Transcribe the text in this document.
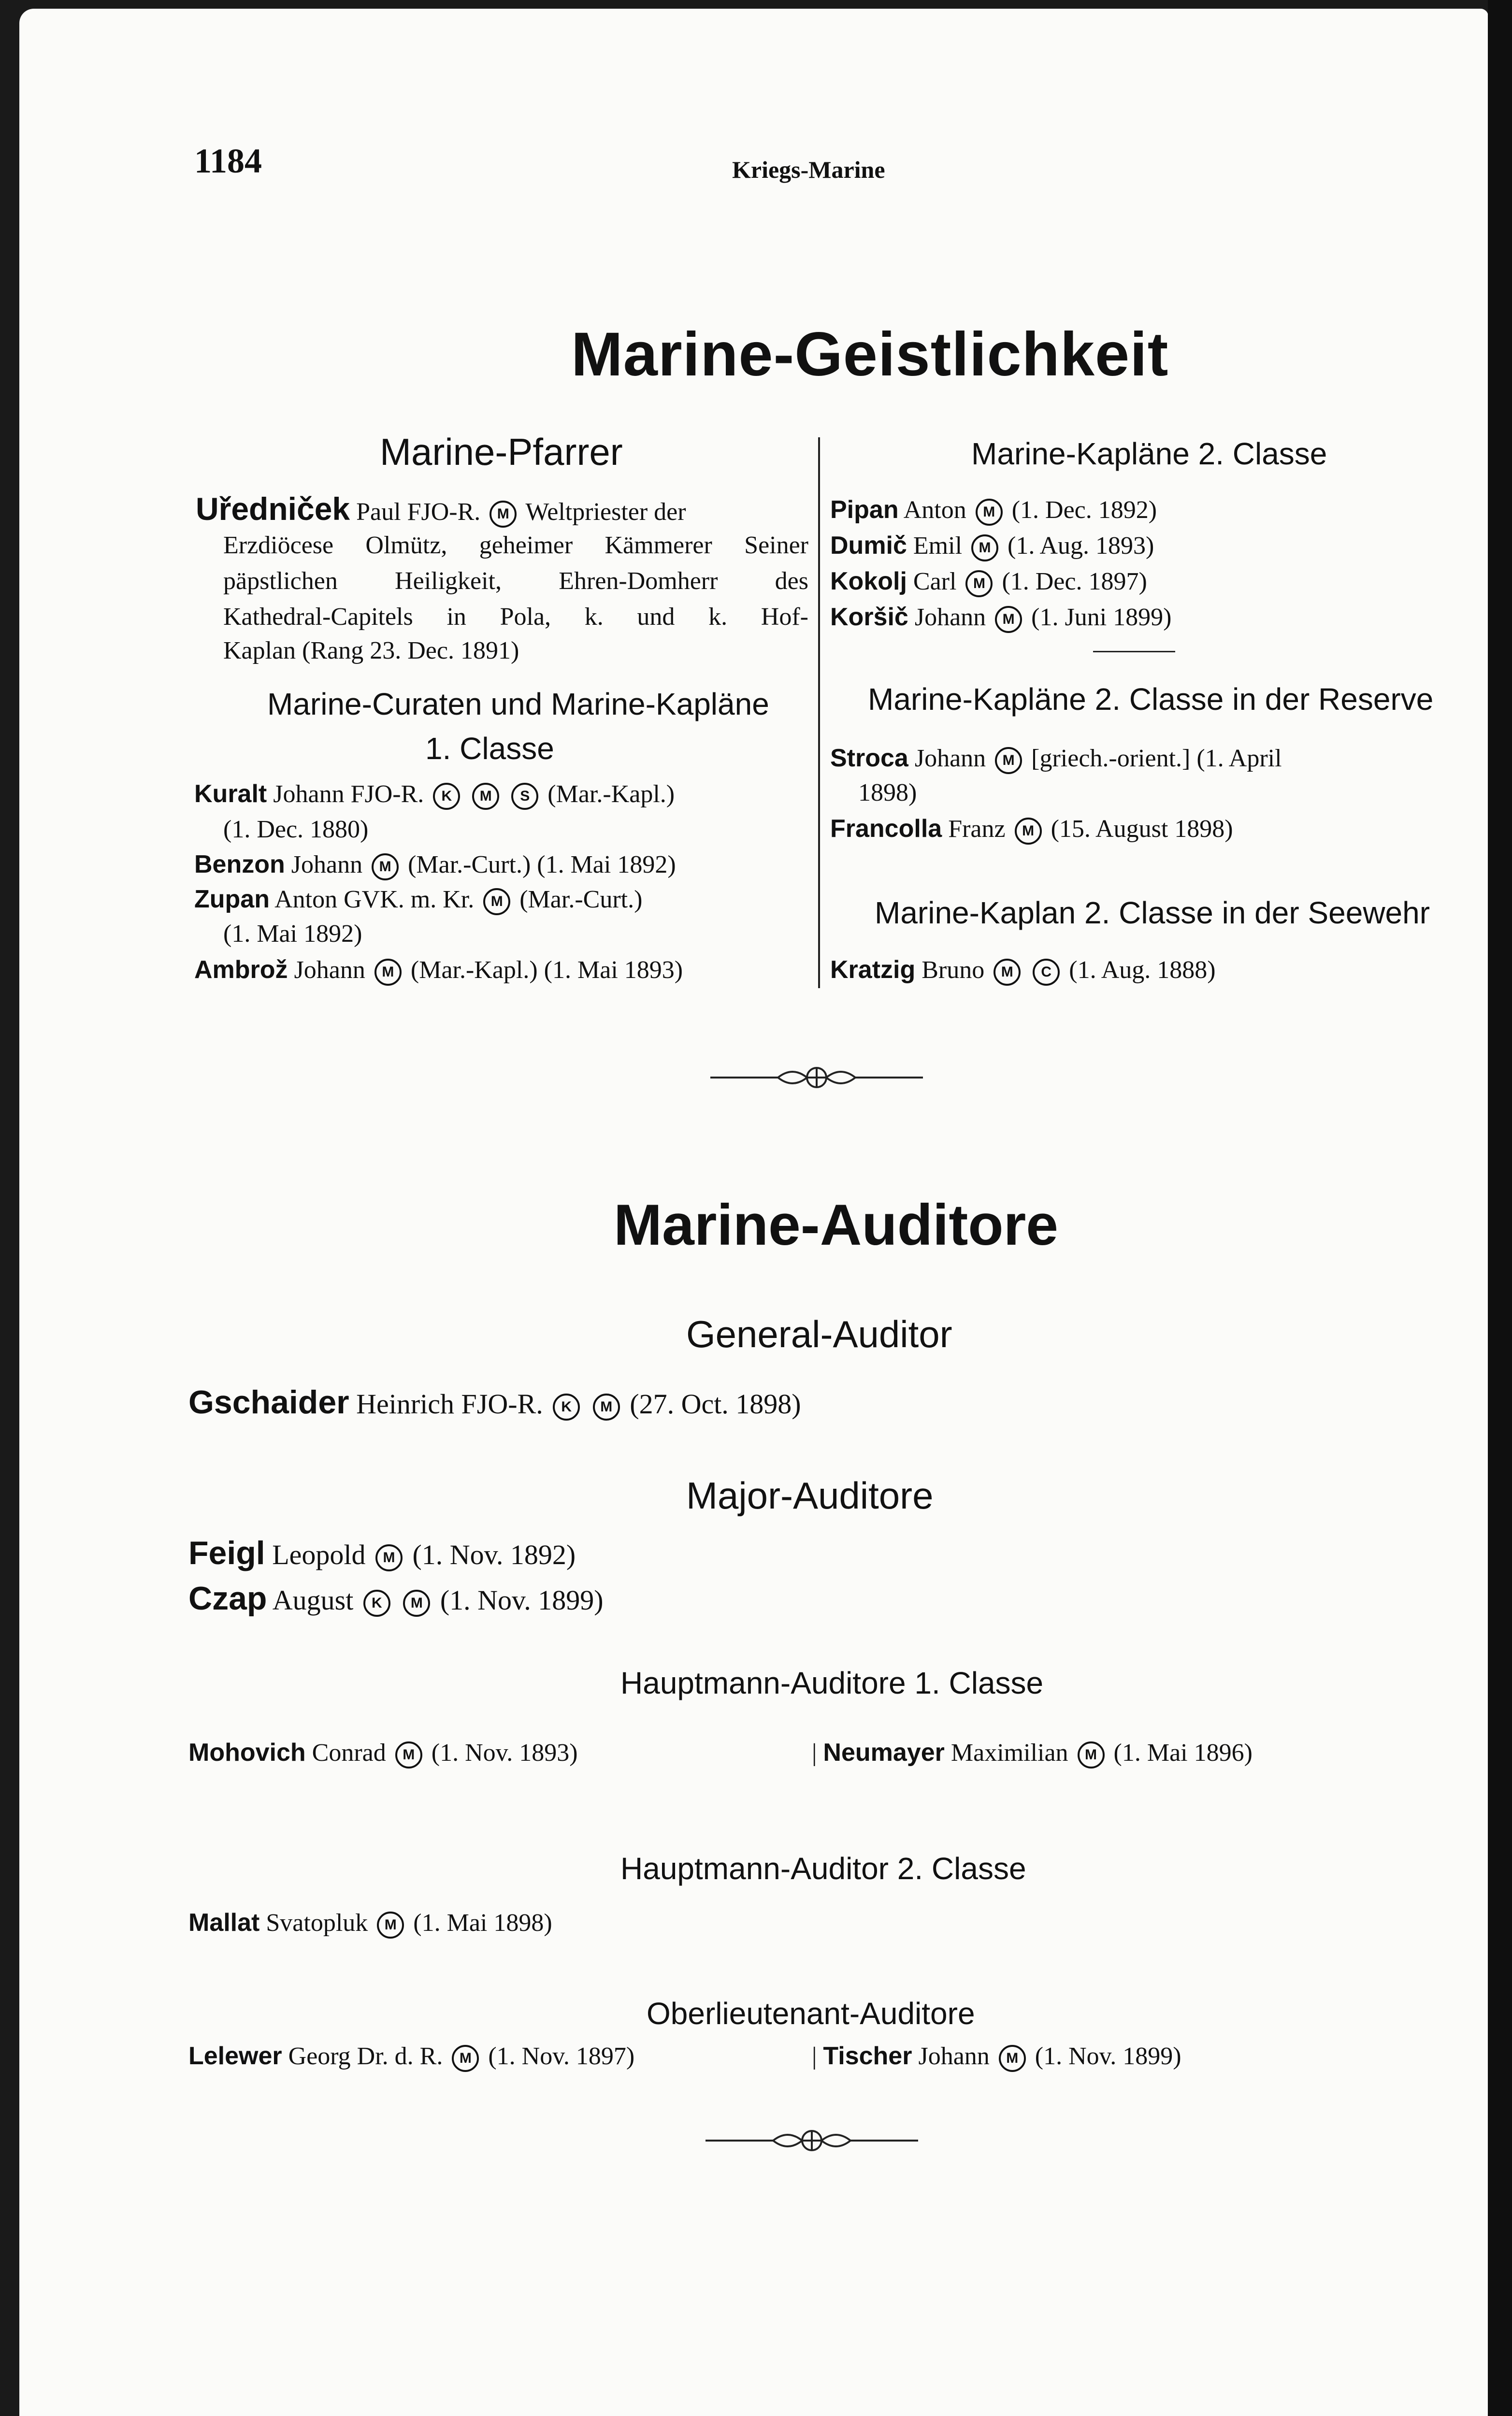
1184	Kriegs-Marine
Marine-Geistlichkeit
Marine-Pfarrer
Uředniček Paul FJO-R. M Weltpriester der
Erzdiöcese Olmütz, geheimer Kämmerer Seiner
päpstlichen Heiligkeit, Ehren-Domherr des
Kathedral-Capitels in Pola, k. und k. Hof-
Kaplan (Rang 23. Dec. 1891)
Marine-Curaten und Marine-Kapläne
1. Classe
Kuralt Johann FJO-R. K M S (Mar.-Kapl.)
(1. Dec. 1880)
Benzon Johann M (Mar.-Curt.) (1. Mai 1892)
Zupan Anton GVK. m. Kr. M (Mar.-Curt.)
(1. Mai 1892)
Ambrož Johann M (Mar.-Kapl.) (1. Mai 1893)
Marine-Kapläne 2. Classe
Pipan Anton M (1. Dec. 1892)
Dumič Emil M (1. Aug. 1893)
Kokolj Carl M (1. Dec. 1897)
Koršič Johann M (1. Juni 1899)
Marine-Kapläne 2. Classe in der Reserve
Stroca Johann M [griech.-orient.] (1. April
1898)
Francolla Franz M (15. August 1898)
Marine-Kaplan 2. Classe in der Seewehr
Kratzig Bruno M C (1. Aug. 1888)
Marine-Auditore
General-Auditor
Gschaider Heinrich FJO-R. K M (27. Oct. 1898)
Major-Auditore
Feigl Leopold M (1. Nov. 1892)
Czap August K M (1. Nov. 1899)
Hauptmann-Auditore 1. Classe
Mohovich Conrad M (1. Nov. 1893)	| Neumayer Maximilian M (1. Mai 1896)
Hauptmann-Auditor 2. Classe
Mallat Svatopluk M (1. Mai 1898)
Oberlieutenant-Auditore
Lelewer Georg Dr. d. R. M (1. Nov. 1897)	| Tischer Johann M (1. Nov. 1899)
